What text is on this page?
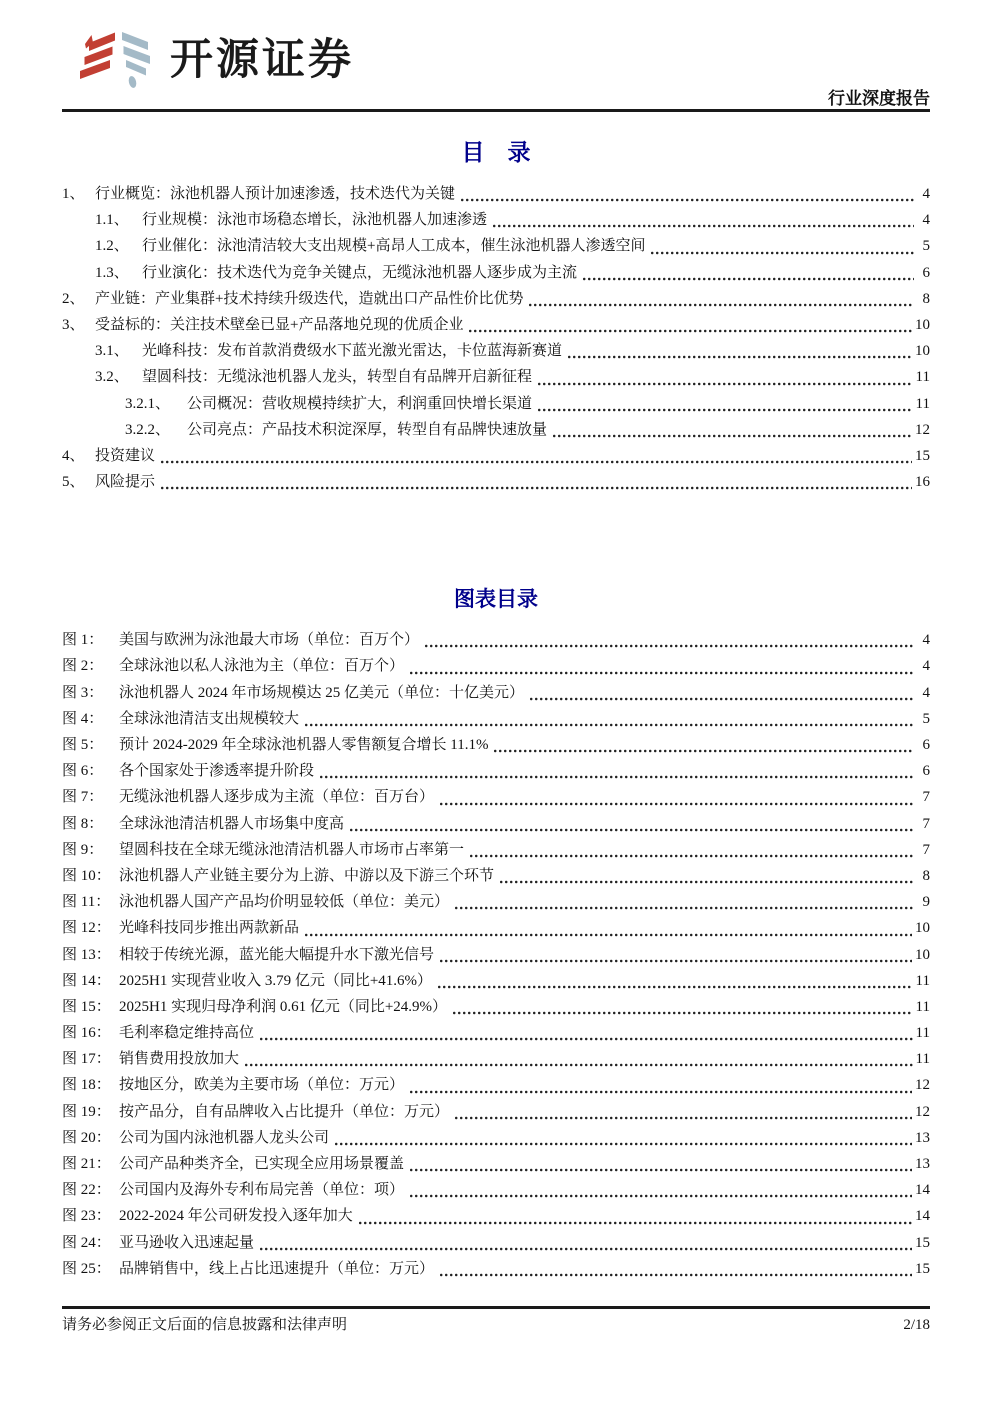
开源证券
行业深度报告
目　录
1、 行业概览：泳池机器人预计加速渗透，技术迭代为关键	4
1.1、 行业规模：泳池市场稳态增长，泳池机器人加速渗透	4
1.2、 行业催化：泳池清洁较大支出规模+高昂人工成本，催生泳池机器人渗透空间	5
1.3、 行业演化：技术迭代为竞争关键点，无缆泳池机器人逐步成为主流	6
2、 产业链：产业集群+技术持续升级迭代，造就出口产品性价比优势	8
3、 受益标的：关注技术壁垒已显+产品落地兑现的优质企业	10
3.1、 光峰科技：发布首款消费级水下蓝光激光雷达，卡位蓝海新赛道	10
3.2、 望圆科技：无缆泳池机器人龙头，转型自有品牌开启新征程	11
3.2.1、	公司概况：营收规模持续扩大，利润重回快增长渠道	11
3.2.2、	公司亮点：产品技术积淀深厚，转型自有品牌快速放量	12
4、 投资建议	15
5、 风险提示	16
图表目录
图 1：	美国与欧洲为泳池最大市场（单位：百万个）	4
图 2：	全球泳池以私人泳池为主（单位：百万个）	4
图 3：	泳池机器人 2024 年市场规模达 25 亿美元（单位：十亿美元）	4
图 4：	全球泳池清洁支出规模较大	5
图 5：	预计 2024-2029 年全球泳池机器人零售额复合增长 11.1%	6
图 6：	各个国家处于渗透率提升阶段	6
图 7：	无缆泳池机器人逐步成为主流（单位：百万台）	7
图 8：	全球泳池清洁机器人市场集中度高	7
图 9：	望圆科技在全球无缆泳池清洁机器人市场市占率第一	7
图 10： 泳池机器人产业链主要分为上游、中游以及下游三个环节	8
图 11： 泳池机器人国产产品均价明显较低（单位：美元）	9
图 12： 光峰科技同步推出两款新品	10
图 13： 相较于传统光源，蓝光能大幅提升水下激光信号	10
图 14： 2025H1 实现营业收入 3.79 亿元（同比+41.6%）	11
图 15： 2025H1 实现归母净利润 0.61 亿元（同比+24.9%）	11
图 16： 毛利率稳定维持高位	11
图 17： 销售费用投放加大	11
图 18： 按地区分，欧美为主要市场（单位：万元）	12
图 19： 按产品分，自有品牌收入占比提升（单位：万元）	12
图 20： 公司为国内泳池机器人龙头公司	13
图 21： 公司产品种类齐全，已实现全应用场景覆盖	13
图 22： 公司国内及海外专利布局完善（单位：项）	14
图 23： 2022-2024 年公司研发投入逐年加大	14
图 24： 亚马逊收入迅速起量	15
图 25： 品牌销售中，线上占比迅速提升（单位：万元）	15
请务必参阅正文后面的信息披露和法律声明	2/18
